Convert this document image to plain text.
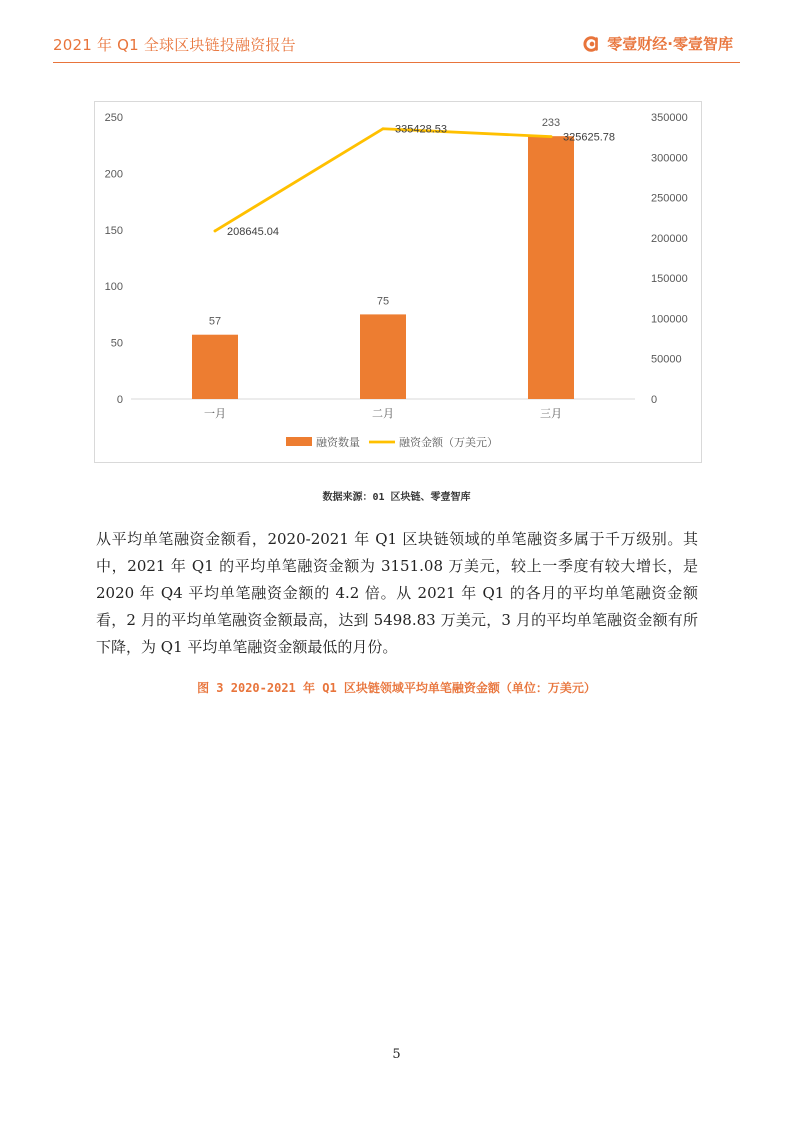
2021 年 Q1 全球区块链投融资报告	零壹财经·零壹智库
0
50
100
150
200
250
0
50000
100000
150000
200000
250000
300000
350000
一月	二月	三月
57
75
233
208645.04
335428.53
325625.78
融资数量	融资金额（万美元）
数据来源：01 区块链、零壹智库
从平均单笔融资金额看，2020-2021 年 Q1 区块链领域的单笔融资多属于千万级别。其中，2021 年 Q1 的平均单笔融资金额为 3151.08 万美元，较上一季度有较大增长，是 2020 年 Q4 平均单笔融资金额的 4.2 倍。从 2021 年 Q1 的各月的平均单笔融资金额看，2 月的平均单笔融资金额最高，达到 5498.83 万美元，3 月的平均单笔融资金额有所下降，为 Q1 平均单笔融资金额最低的月份。
图 3 2020-2021 年 Q1 区块链领域平均单笔融资金额（单位：万美元）
5
